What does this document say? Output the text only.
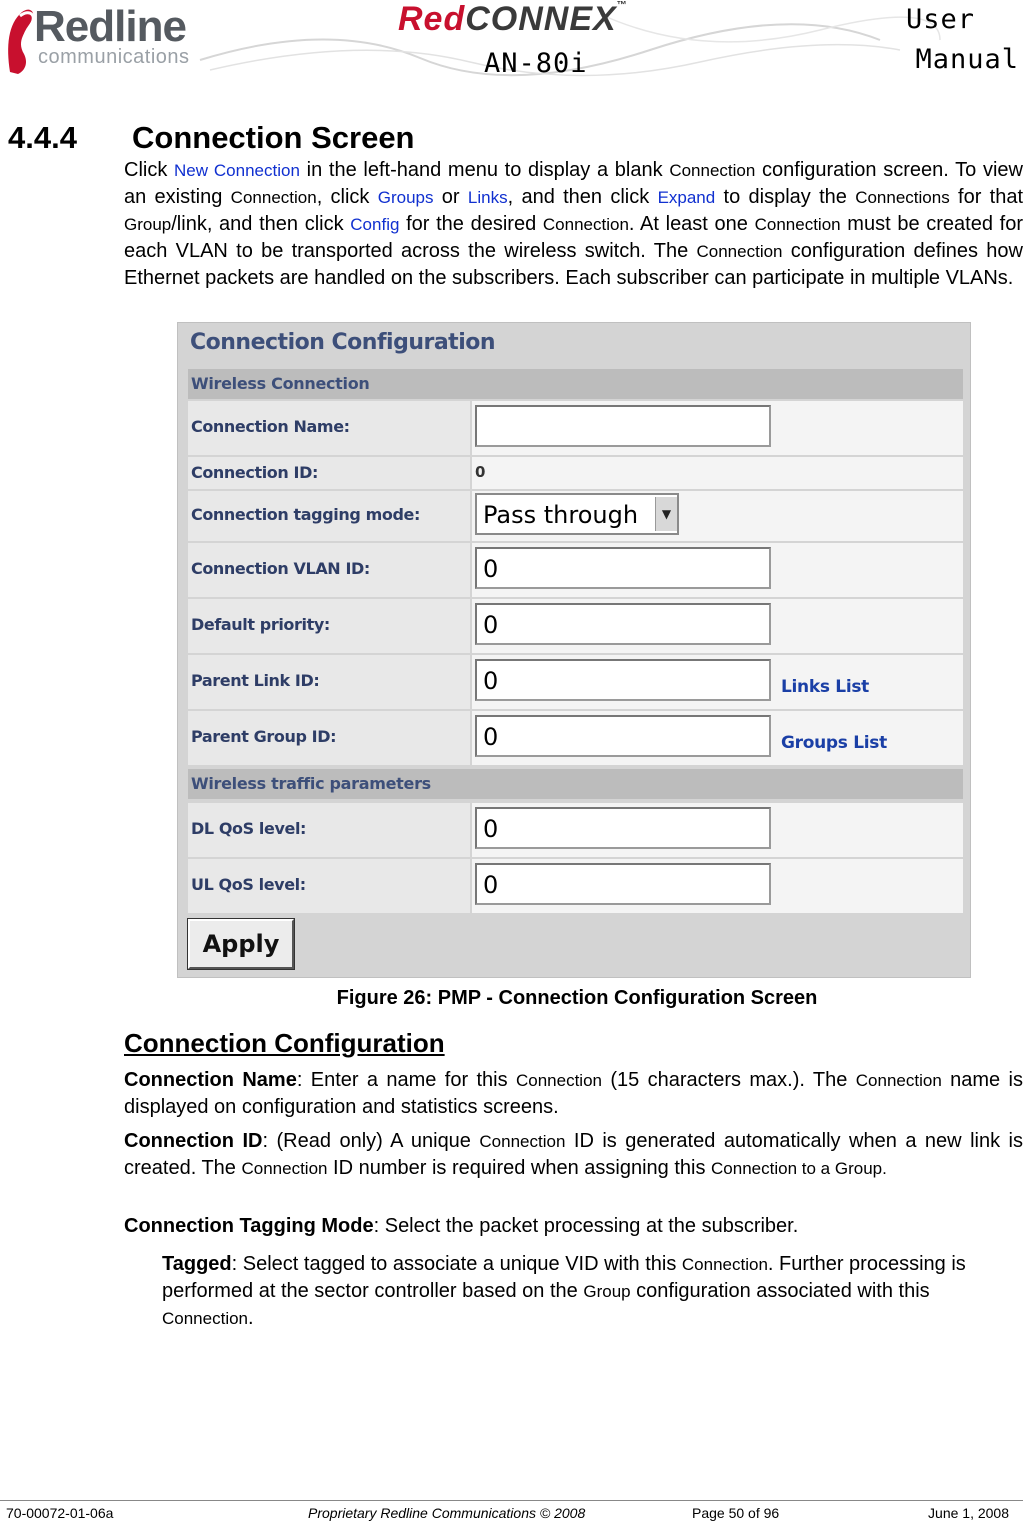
Redline
communications
RedCONNEX™
AN-80i
User
Manual
4.4.4 Connection Screen

Click New Connection in the left-hand menu to display a blank Connection configuration screen. To view an existing Connection, click Groups or Links, and then click Expand to display the Connections for that Group/link, and then click Config for the desired Connection. At least one Connection must be created for each VLAN to be transported across the wireless switch. The Connection configuration defines how Ethernet packets are handled on the subscribers. Each subscriber can participate in multiple VLANs.

Connection Configuration
Wireless Connection
Connection Name:
Connection ID:	0
Connection tagging mode:	Pass through	▼
Connection VLAN ID:	0
Default priority:	0
Parent Link ID:	0	Links List
Parent Group ID:	0	Groups List
Wireless traffic parameters
DL QoS level:	0
UL QoS level:	0
Apply
Figure 26: PMP - Connection Configuration Screen
Connection Configuration

Connection Name: Enter a name for this Connection (15 characters max.). The Connection name is displayed on configuration and statistics screens.

Connection ID: (Read only) A unique Connection ID is generated automatically when a new link is created. The Connection ID number is required when assigning this Connection to a Group.

Connection Tagging Mode: Select the packet processing at the subscriber.

Tagged: Select tagged to associate a unique VID with this Connection. Further processing is performed at the sector controller based on the Group configuration associated with this Connection.

70-00072-01-06a	Proprietary Redline Communications © 2008	Page 50 of 96	June 1, 2008
